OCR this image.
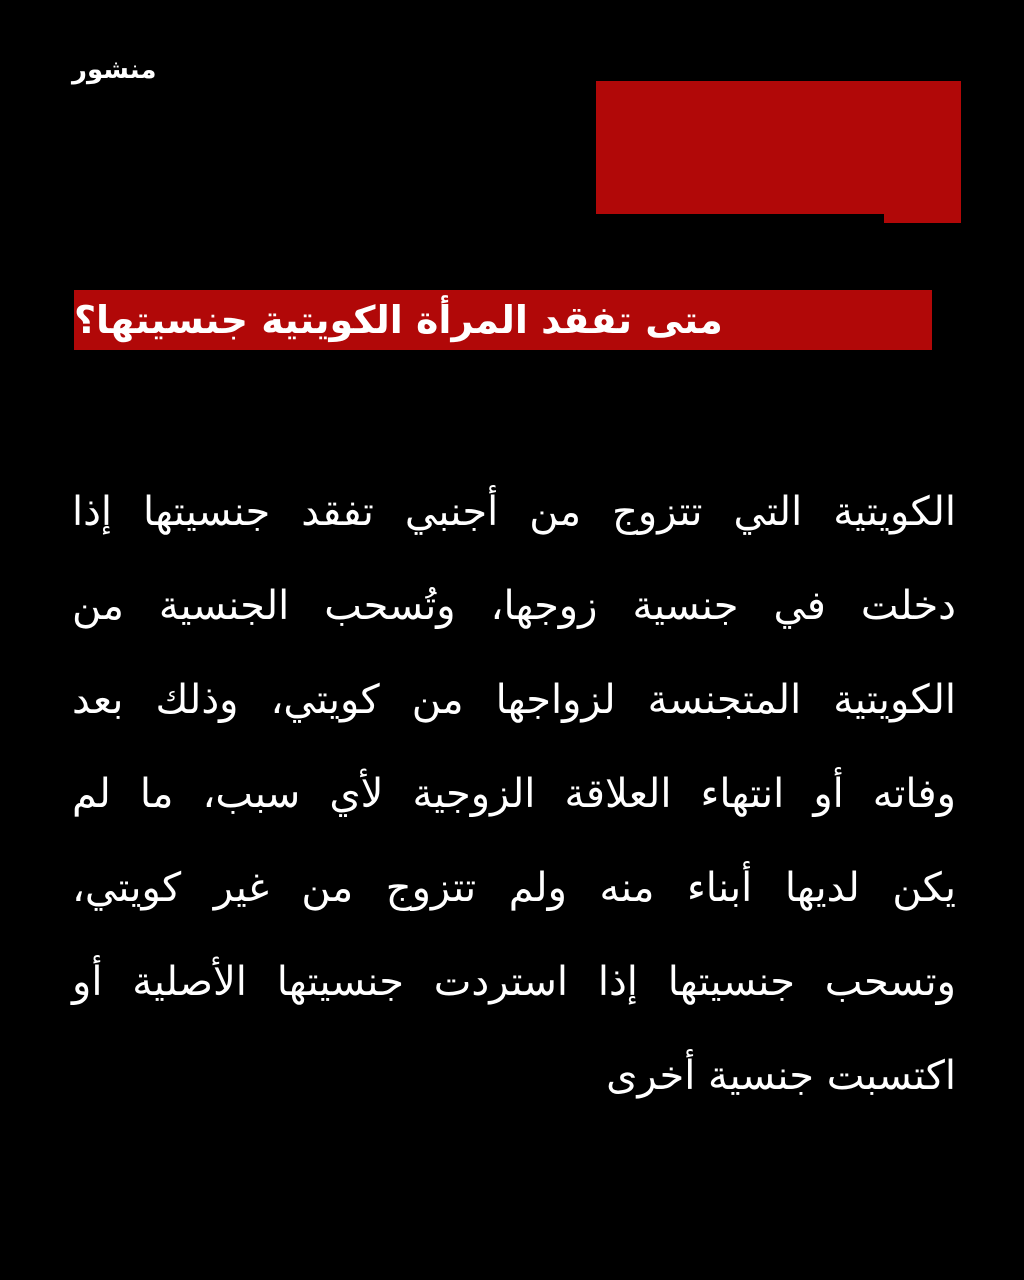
منشور
متى تفقد المرأة الكويتية جنسيتها؟
الكويتية التي تتزوج من أجنبي تفقد جنسيتها إذا
دخلت في جنسية زوجها، وتُسحب الجنسية من
الكويتية المتجنسة لزواجها من كويتي، وذلك بعد
وفاته أو انتهاء العلاقة الزوجية لأي سبب، ما لم
يكن لديها أبناء منه ولم تتزوج من غير كويتي،
وتسحب جنسيتها إذا استردت جنسيتها الأصلية أو
اكتسبت جنسية أخرى
